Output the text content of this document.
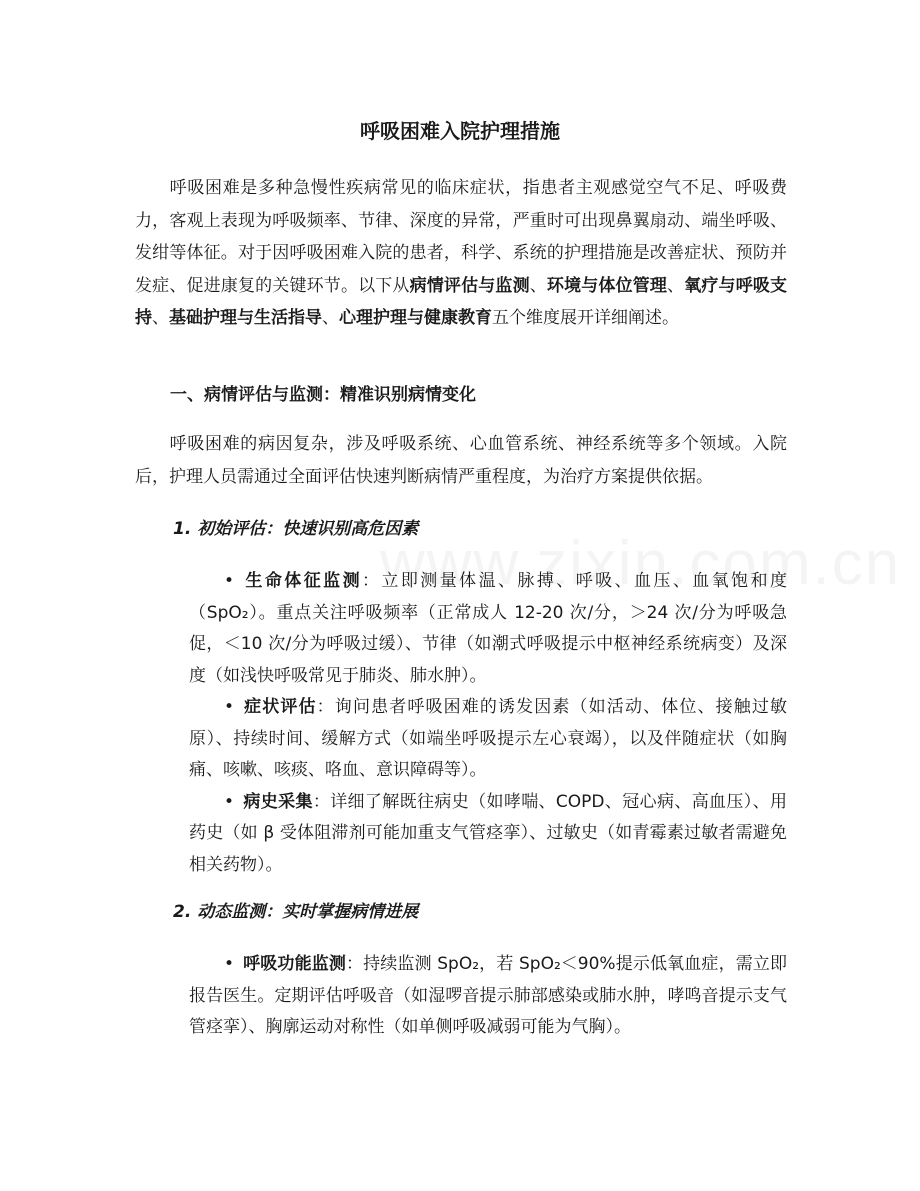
呼吸困难入院护理措施

呼吸困难是多种急慢性疾病常见的临床症状，指患者主观感觉空气不足、呼吸费力，客观上表现为呼吸频率、节律、深度的异常，严重时可出现鼻翼扇动、端坐呼吸、发绀等体征。对于因呼吸困难入院的患者，科学、系统的护理措施是改善症状、预防并发症、促进康复的关键环节。以下从病情评估与监测、环境与体位管理、氧疗与呼吸支持、基础护理与生活指导、心理护理与健康教育五个维度展开详细阐述。

一、病情评估与监测：精准识别病情变化

呼吸困难的病因复杂，涉及呼吸系统、心血管系统、神经系统等多个领域。入院后，护理人员需通过全面评估快速判断病情严重程度，为治疗方案提供依据。

1. 初始评估：快速识别高危因素
• 生命体征监测：立即测量体温、脉搏、呼吸、血压、血氧饱和度（SpO₂）。重点关注呼吸频率（正常成人 12-20 次/分，＞24 次/分为呼吸急促，＜10 次/分为呼吸过缓）、节律（如潮式呼吸提示中枢神经系统病变）及深度（如浅快呼吸常见于肺炎、肺水肿）。
• 症状评估：询问患者呼吸困难的诱发因素（如活动、体位、接触过敏原）、持续时间、缓解方式（如端坐呼吸提示左心衰竭），以及伴随症状（如胸痛、咳嗽、咳痰、咯血、意识障碍等）。
• 病史采集：详细了解既往病史（如哮喘、COPD、冠心病、高血压）、用药史（如 β 受体阻滞剂可能加重支气管痉挛）、过敏史（如青霉素过敏者需避免相关药物）。
2. 动态监测：实时掌握病情进展
• 呼吸功能监测：持续监测 SpO₂，若 SpO₂＜90%提示低氧血症，需立即报告医生。定期评估呼吸音（如湿啰音提示肺部感染或肺水肿，哮鸣音提示支气管痉挛）、胸廓运动对称性（如单侧呼吸减弱可能为气胸）。
